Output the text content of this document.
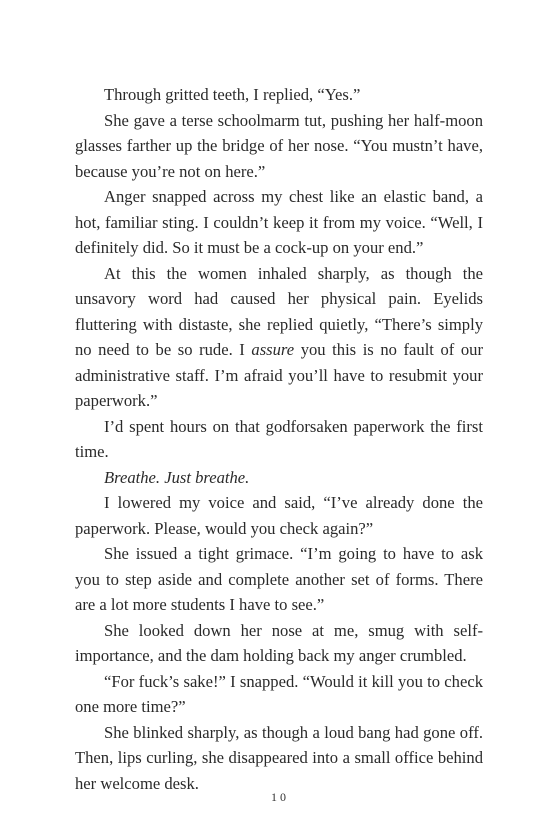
Through gritted teeth, I replied, “Yes.”

She gave a terse schoolmarm tut, pushing her half-moon glasses farther up the bridge of her nose. “You mustn’t have, because you’re not on here.”

Anger snapped across my chest like an elastic band, a hot, familiar sting. I couldn’t keep it from my voice. “Well, I definitely did. So it must be a cock-up on your end.”

At this the women inhaled sharply, as though the unsavory word had caused her physical pain. Eyelids fluttering with distaste, she replied quietly, “There’s simply no need to be so rude. I assure you this is no fault of our administrative staff. I’m afraid you’ll have to resubmit your paperwork.”

I’d spent hours on that godforsaken paperwork the first time.

Breathe. Just breathe.

I lowered my voice and said, “I’ve already done the paperwork. Please, would you check again?”

She issued a tight grimace. “I’m going to have to ask you to step aside and complete another set of forms. There are a lot more students I have to see.”

She looked down her nose at me, smug with self-importance, and the dam holding back my anger crumbled.

“For fuck’s sake!” I snapped. “Would it kill you to check one more time?”

She blinked sharply, as though a loud bang had gone off. Then, lips curling, she disappeared into a small office behind her welcome desk.

10
